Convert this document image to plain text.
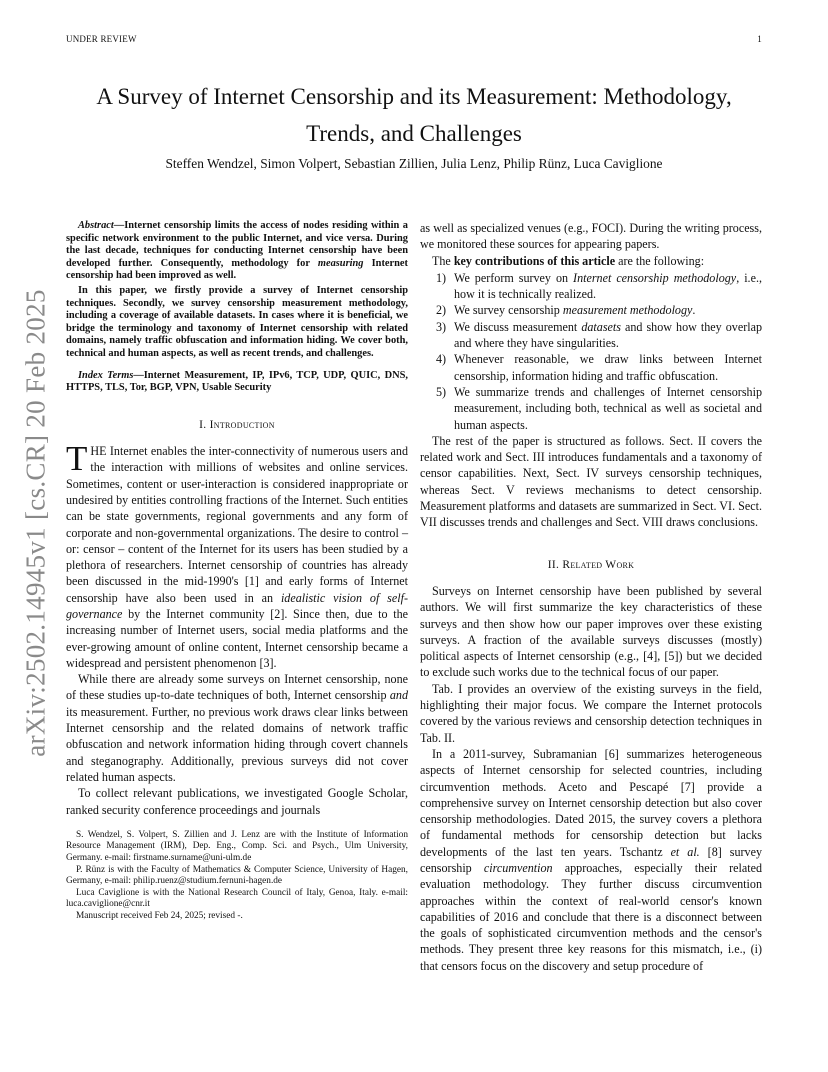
UNDER REVIEW	1
arXiv:2502.14945v1 [cs.CR] 20 Feb 2025
A Survey of Internet Censorship and its Measurement: Methodology, Trends, and Challenges
Steffen Wendzel, Simon Volpert, Sebastian Zillien, Julia Lenz, Philip Rünz, Luca Caviglione

Abstract—Internet censorship limits the access of nodes residing within a specific network environment to the public Internet, and vice versa. During the last decade, techniques for conducting Internet censorship have been developed further. Consequently, methodology for measuring Internet censorship had been improved as well.

In this paper, we firstly provide a survey of Internet censorship techniques. Secondly, we survey censorship measurement methodology, including a coverage of available datasets. In cases where it is beneficial, we bridge the terminology and taxonomy of Internet censorship with related domains, namely traffic obfuscation and information hiding. We cover both, technical and human aspects, as well as recent trends, and challenges.

Index Terms—Internet Measurement, IP, IPv6, TCP, UDP, QUIC, DNS, HTTPS, TLS, Tor, BGP, VPN, Usable Security

I. Introduction

THE Internet enables the inter-connectivity of numerous users and the interaction with millions of websites and online services. Sometimes, content or user-interaction is considered inappropriate or undesired by entities controlling fractions of the Internet. Such entities can be state governments, regional governments and any form of corporate and non-governmental organizations. The desire to control – or: censor – content of the Internet for its users has been studied by a plethora of researchers. Internet censorship of countries has already been discussed in the mid-1990's [1] and early forms of Internet censorship have also been used in an idealistic vision of self-governance by the Internet community [2]. Since then, due to the increasing number of Internet users, social media platforms and the ever-growing amount of online content, Internet censorship became a widespread and persistent phenomenon [3].

While there are already some surveys on Internet censorship, none of these studies up-to-date techniques of both, Internet censorship and its measurement. Further, no previous work draws clear links between Internet censorship and the related domains of network traffic obfuscation and network information hiding through covert channels and steganography. Additionally, previous surveys did not cover related human aspects.

To collect relevant publications, we investigated Google Scholar, ranked security conference proceedings and journals

S. Wendzel, S. Volpert, S. Zillien and J. Lenz are with the Institute of Information Resource Management (IRM), Dep. Eng., Comp. Sci. and Psych., Ulm University, Germany. e-mail: firstname.surname@uni-ulm.de

P. Rünz is with the Faculty of Mathematics & Computer Science, University of Hagen, Germany, e-mail: philip.ruenz@studium.fernuni-hagen.de

Luca Caviglione is with the National Research Council of Italy, Genoa, Italy. e-mail: luca.caviglione@cnr.it

Manuscript received Feb 24, 2025; revised -.

as well as specialized venues (e.g., FOCI). During the writing process, we monitored these sources for appearing papers.

The key contributions of this article are the following:

1) We perform survey on Internet censorship methodology, i.e., how it is technically realized.
2) We survey censorship measurement methodology.
3) We discuss measurement datasets and show how they overlap and where they have singularities.
4) Whenever reasonable, we draw links between Internet censorship, information hiding and traffic obfuscation.
5) We summarize trends and challenges of Internet censorship measurement, including both, technical as well as societal and human aspects.

The rest of the paper is structured as follows. Sect. II covers the related work and Sect. III introduces fundamentals and a taxonomy of censor capabilities. Next, Sect. IV surveys censorship techniques, whereas Sect. V reviews mechanisms to detect censorship. Measurement platforms and datasets are summarized in Sect. VI. Sect. VII discusses trends and challenges and Sect. VIII draws conclusions.

II. Related Work

Surveys on Internet censorship have been published by several authors. We will first summarize the key characteristics of these surveys and then show how our paper improves over these existing surveys. A fraction of the available surveys discusses (mostly) political aspects of Internet censorship (e.g., [4], [5]) but we decided to exclude such works due to the technical focus of our paper.

Tab. I provides an overview of the existing surveys in the field, highlighting their major focus. We compare the Internet protocols covered by the various reviews and censorship detection techniques in Tab. II.

In a 2011-survey, Subramanian [6] summarizes heterogeneous aspects of Internet censorship for selected countries, including circumvention methods. Aceto and Pescapé [7] provide a comprehensive survey on Internet censorship detection but also cover censorship methodologies. Dated 2015, the survey covers a plethora of fundamental methods for censorship detection but lacks developments of the last ten years. Tschantz et al. [8] survey censorship circumvention approaches, especially their related evaluation methodology. They further discuss circumvention approaches within the context of real-world censor's known capabilities of 2016 and conclude that there is a disconnect between the goals of sophisticated circumvention methods and the censor's methods. They present three key reasons for this mismatch, i.e., (i) that censors focus on the discovery and setup procedure of
